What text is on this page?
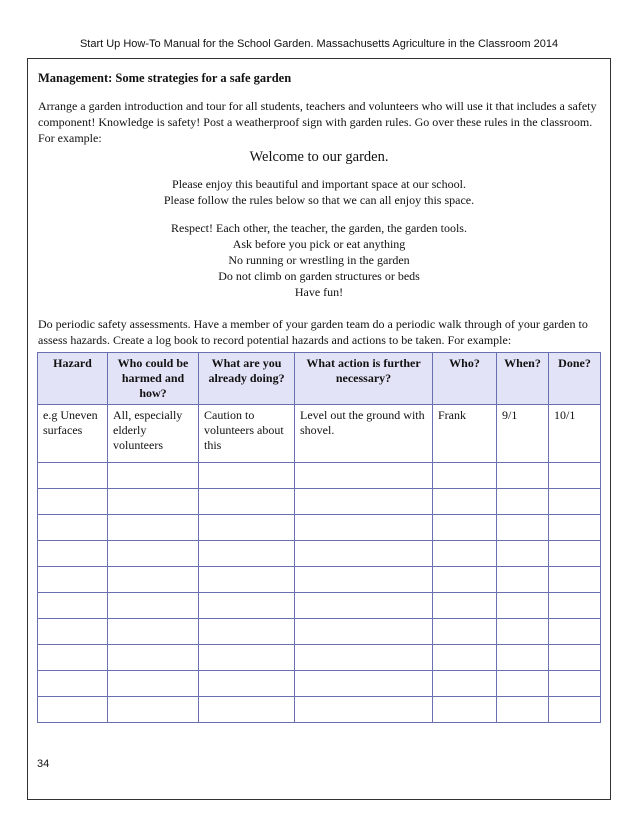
Start Up How-To Manual for the School Garden. Massachusetts Agriculture in the Classroom 2014
Management: Some strategies for a safe garden

Arrange a garden introduction and tour for all students, teachers and volunteers who will use it that includes a safety component! Knowledge is safety! Post a weatherproof sign with garden rules. Go over these rules in the classroom. For example:

Welcome to our garden.
Please enjoy this beautiful and important space at our school.
Please follow the rules below so that we can all enjoy this space.
Respect! Each other, the teacher, the garden, the garden tools.
Ask before you pick or eat anything
No running or wrestling in the garden
Do not climb on garden structures or beds
Have fun!

Do periodic safety assessments. Have a member of your garden team do a periodic walk through of your garden to assess hazards. Create a log book to record potential hazards and actions to be taken. For example:

Hazard	Who could be harmed and how?	What are you already doing?	What action is further necessary?	Who?	When?	Done?
e.g Uneven surfaces	All, especially elderly volunteers	Caution to volunteers about this	Level out the ground with shovel.	Frank	9/1	10/1

34
